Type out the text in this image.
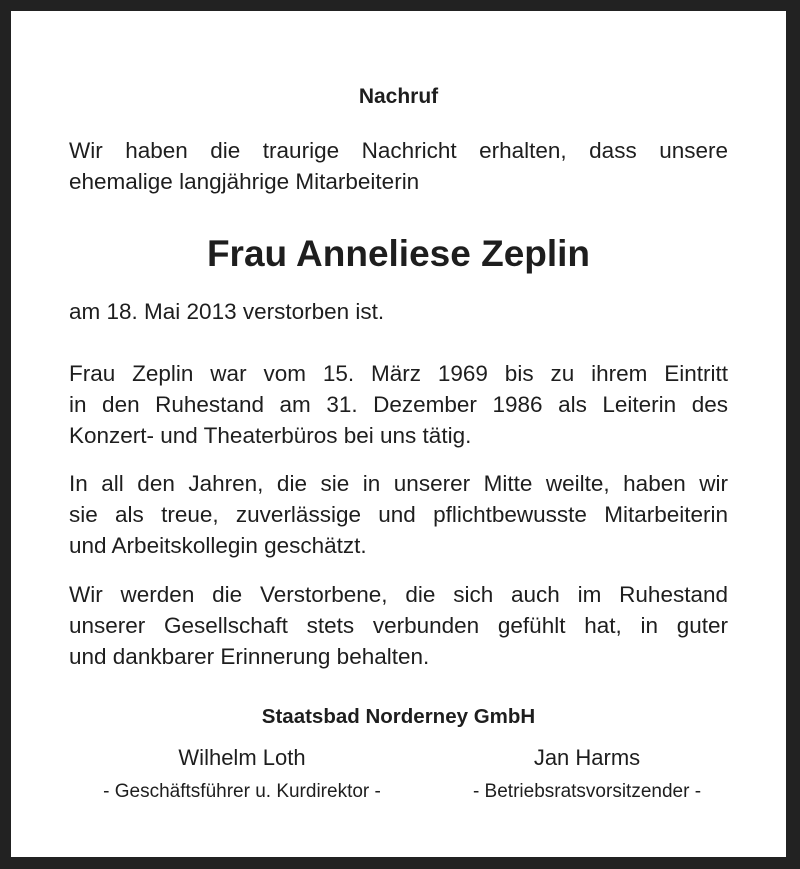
Nachruf
Wir haben die traurige Nachricht erhalten, dass unsere
ehemalige langjährige Mitarbeiterin
Frau Anneliese Zeplin
am 18. Mai 2013 verstorben ist.
Frau Zeplin war vom 15. März 1969 bis zu ihrem Eintritt
in den Ruhestand am 31. Dezember 1986 als Leiterin des
Konzert- und Theaterbüros bei uns tätig.
In all den Jahren, die sie in unserer Mitte weilte, haben wir
sie als treue, zuverlässige und pflichtbewusste Mitarbeiterin
und Arbeitskollegin geschätzt.
Wir werden die Verstorbene, die sich auch im Ruhestand
unserer Gesellschaft stets verbunden gefühlt hat, in guter
und dankbarer Erinnerung behalten.
Staatsbad Norderney GmbH
Wilhelm Loth
- Geschäftsführer u. Kurdirektor -
Jan Harms
- Betriebsratsvorsitzender -
